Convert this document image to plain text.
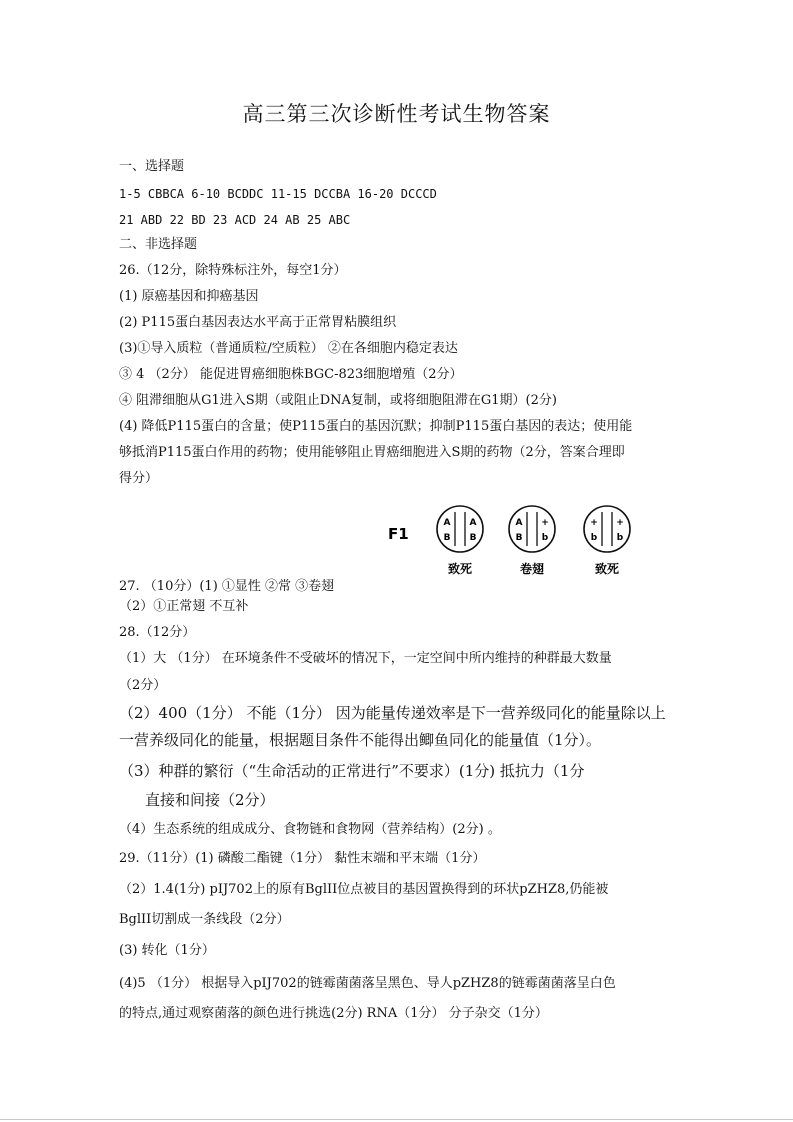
高三第三次诊断性考试生物答案
一、选择题
1-5 CBBCA 6-10 BCDDC 11-15 DCCBA 16-20 DCCCD
21 ABD 22 BD 23 ACD 24 AB 25 ABC
二、非选择题
26.（12分，除特殊标注外，每空1分）
(1) 原癌基因和抑癌基因
(2) P115蛋白基因表达水平高于正常胃粘膜组织
(3)①导入质粒（普通质粒/空质粒） ②在各细胞内稳定表达
③ 4 （2分） 能促进胃癌细胞株BGC-823细胞增殖（2分）
④ 阻滞细胞从G1进入S期（或阻止DNA复制，或将细胞阻滞在G1期）(2分)
(4) 降低P115蛋白的含量；使P115蛋白的基因沉默；抑制P115蛋白基因的表达；使用能
够抵消P115蛋白作用的药物；使用能够阻止胃癌细胞进入S期的药物（2分，答案合理即
得分）
F1
A A
B B
致死
A +
B b
卷翅
+ +
b b
致死
27. （10分）(1) ①显性 ②常 ③卷翅
（2）①正常翅 不互补
28.（12分）
（1）大 （1分） 在环境条件不受破坏的情况下，一定空间中所内维持的种群最大数量
（2分）
（2）400（1分） 不能（1分） 因为能量传递效率是下一营养级同化的能量除以上
一营养级同化的能量，根据题目条件不能得出鲫鱼同化的能量值（1分）。
（3）种群的繁衍（“生命活动的正常进行”不要求）(1分) 抵抗力（1分
直接和间接（2分）
（4）生态系统的组成成分、食物链和食物网（营养结构）(2分) 。
29.（11分）(1) 磷酸二酯键（1分） 黏性末端和平末端（1分）
（2）1.4(1分) pIJ702上的原有BglII位点被目的基因置换得到的环状pZHZ8,仍能被
BglII切割成一条线段（2分）
(3) 转化（1分）
(4)5 （1分） 根据导入pIJ702的链霉菌菌落呈黑色、导人pZHZ8的链霉菌菌落呈白色
的特点,通过观察菌落的颜色进行挑选(2分) RNA（1分） 分子杂交（1分）
